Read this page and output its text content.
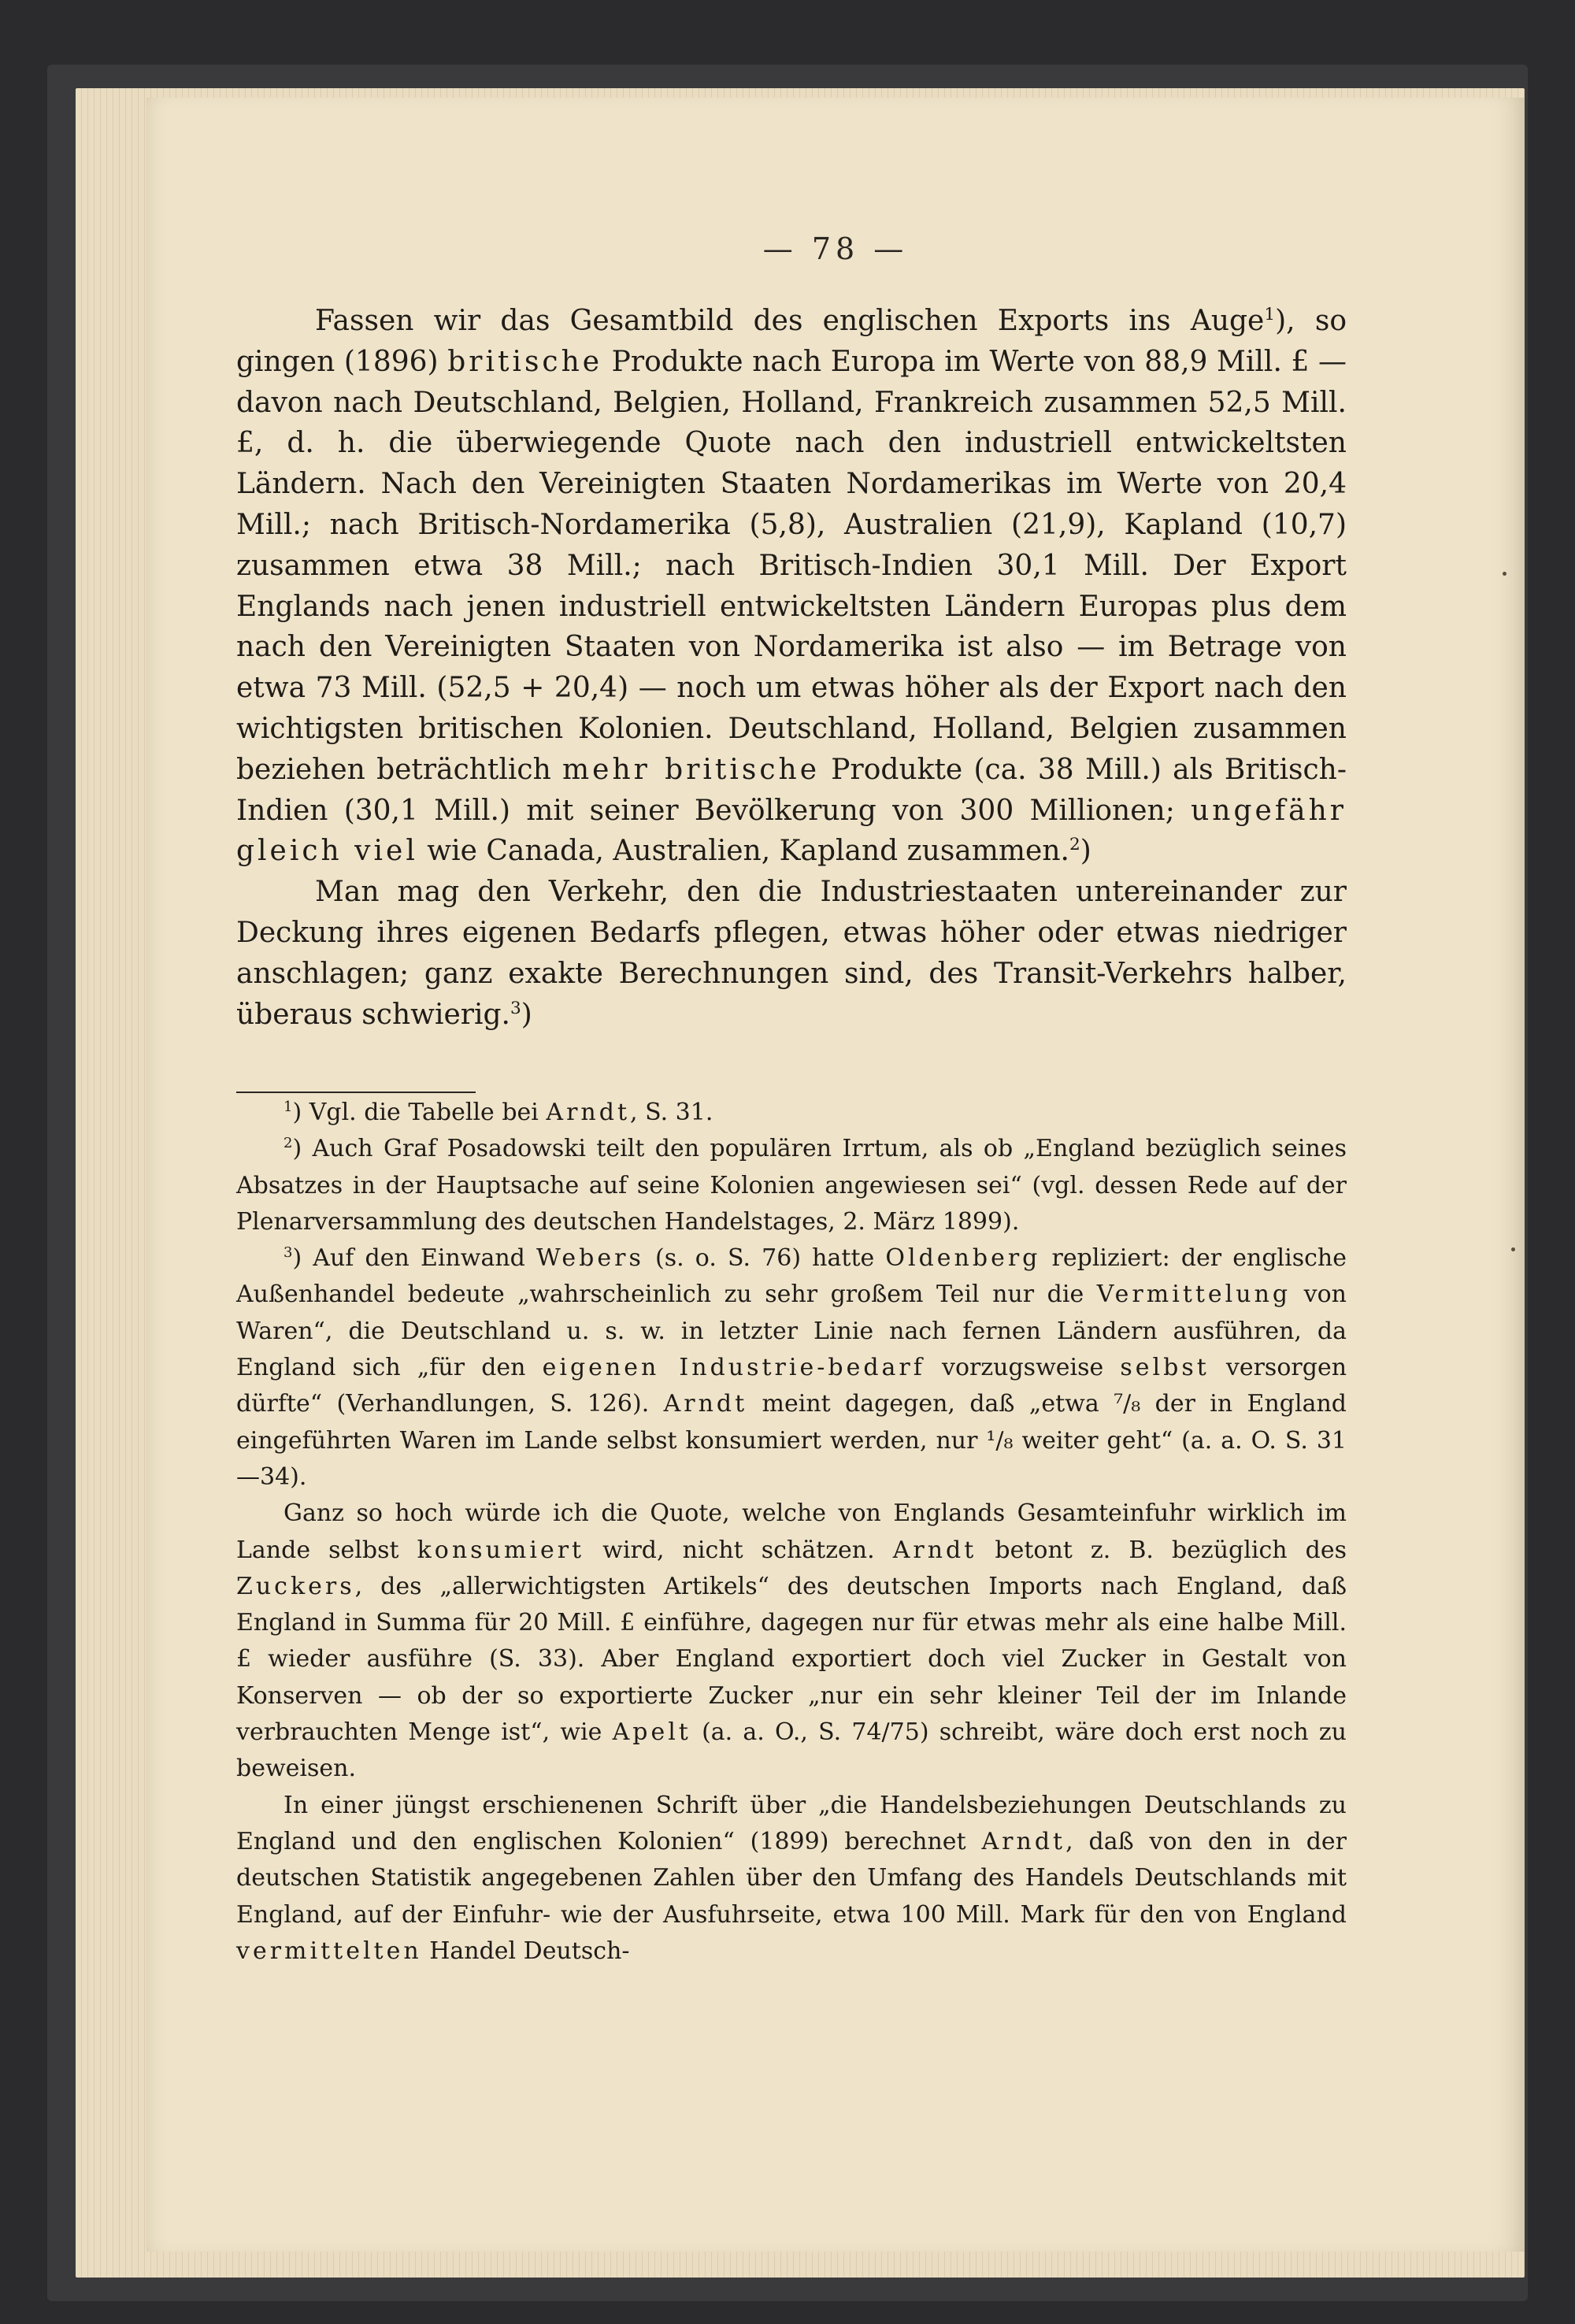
— 78 —

Fassen wir das Gesamtbild des englischen Exports ins Auge$^1$), so gingen (1896) britische Produkte nach Europa im Werte von 88,9 Mill. £ — davon nach Deutschland, Belgien, Holland, Frankreich zusammen 52,5 Mill. £, d. h. die überwiegende Quote nach den industriell entwickeltsten Ländern. Nach den Vereinigten Staaten Nordamerikas im Werte von 20,4 Mill.; nach Britisch-Nordamerika (5,8), Australien (21,9), Kapland (10,7) zusammen etwa 38 Mill.; nach Britisch-Indien 30,1 Mill. Der Export Englands nach jenen industriell entwickeltsten Ländern Europas plus dem nach den Vereinigten Staaten von Nordamerika ist also — im Betrage von etwa 73 Mill. (52,5 + 20,4) — noch um etwas höher als der Export nach den wichtigsten britischen Kolonien. Deutschland, Holland, Belgien zusammen beziehen beträchtlich mehr britische Produkte (ca. 38 Mill.) als Britisch-Indien (30,1 Mill.) mit seiner Bevölkerung von 300 Millionen; ungefähr gleich viel wie Canada, Australien, Kapland zusammen.$^2$)

Man mag den Verkehr, den die Industriestaaten untereinander zur Deckung ihres eigenen Bedarfs pflegen, etwas höher oder etwas niedriger anschlagen; ganz exakte Berechnungen sind, des Transit-Verkehrs halber, überaus schwierig.$^3$)

$^1$) Vgl. die Tabelle bei Arndt, S. 31.

$^2$) Auch Graf Posadowski teilt den populären Irrtum, als ob „England bezüglich seines Absatzes in der Hauptsache auf seine Kolonien angewiesen sei“ (vgl. dessen Rede auf der Plenarversammlung des deutschen Handelstages, 2. März 1899).

$^3$) Auf den Einwand Webers (s. o. S. 76) hatte Oldenberg repliziert: der englische Außenhandel bedeute „wahrscheinlich zu sehr großem Teil nur die Vermittelung von Waren“, die Deutschland u. s. w. in letzter Linie nach fernen Ländern ausführen, da England sich „für den eigenen Industrie-bedarf vorzugsweise selbst versorgen dürfte“ (Verhandlungen, S. 126). Arndt meint dagegen, daß „etwa ⁷/₈ der in England eingeführten Waren im Lande selbst konsumiert werden, nur ¹/₈ weiter geht“ (a. a. O. S. 31—34).

Ganz so hoch würde ich die Quote, welche von Englands Gesamteinfuhr wirklich im Lande selbst konsumiert wird, nicht schätzen. Arndt betont z. B. bezüglich des Zuckers, des „allerwichtigsten Artikels“ des deutschen Imports nach England, daß England in Summa für 20 Mill. £ einführe, dagegen nur für etwas mehr als eine halbe Mill. £ wieder ausführe (S. 33). Aber England exportiert doch viel Zucker in Gestalt von Konserven — ob der so exportierte Zucker „nur ein sehr kleiner Teil der im Inlande verbrauchten Menge ist“, wie Apelt (a. a. O., S. 74/75) schreibt, wäre doch erst noch zu beweisen.

In einer jüngst erschienenen Schrift über „die Handelsbeziehungen Deutschlands zu England und den englischen Kolonien“ (1899) berechnet Arndt, daß von den in der deutschen Statistik angegebenen Zahlen über den Umfang des Handels Deutschlands mit England, auf der Einfuhr- wie der Ausfuhrseite, etwa 100 Mill. Mark für den von England vermittelten Handel Deutsch-
